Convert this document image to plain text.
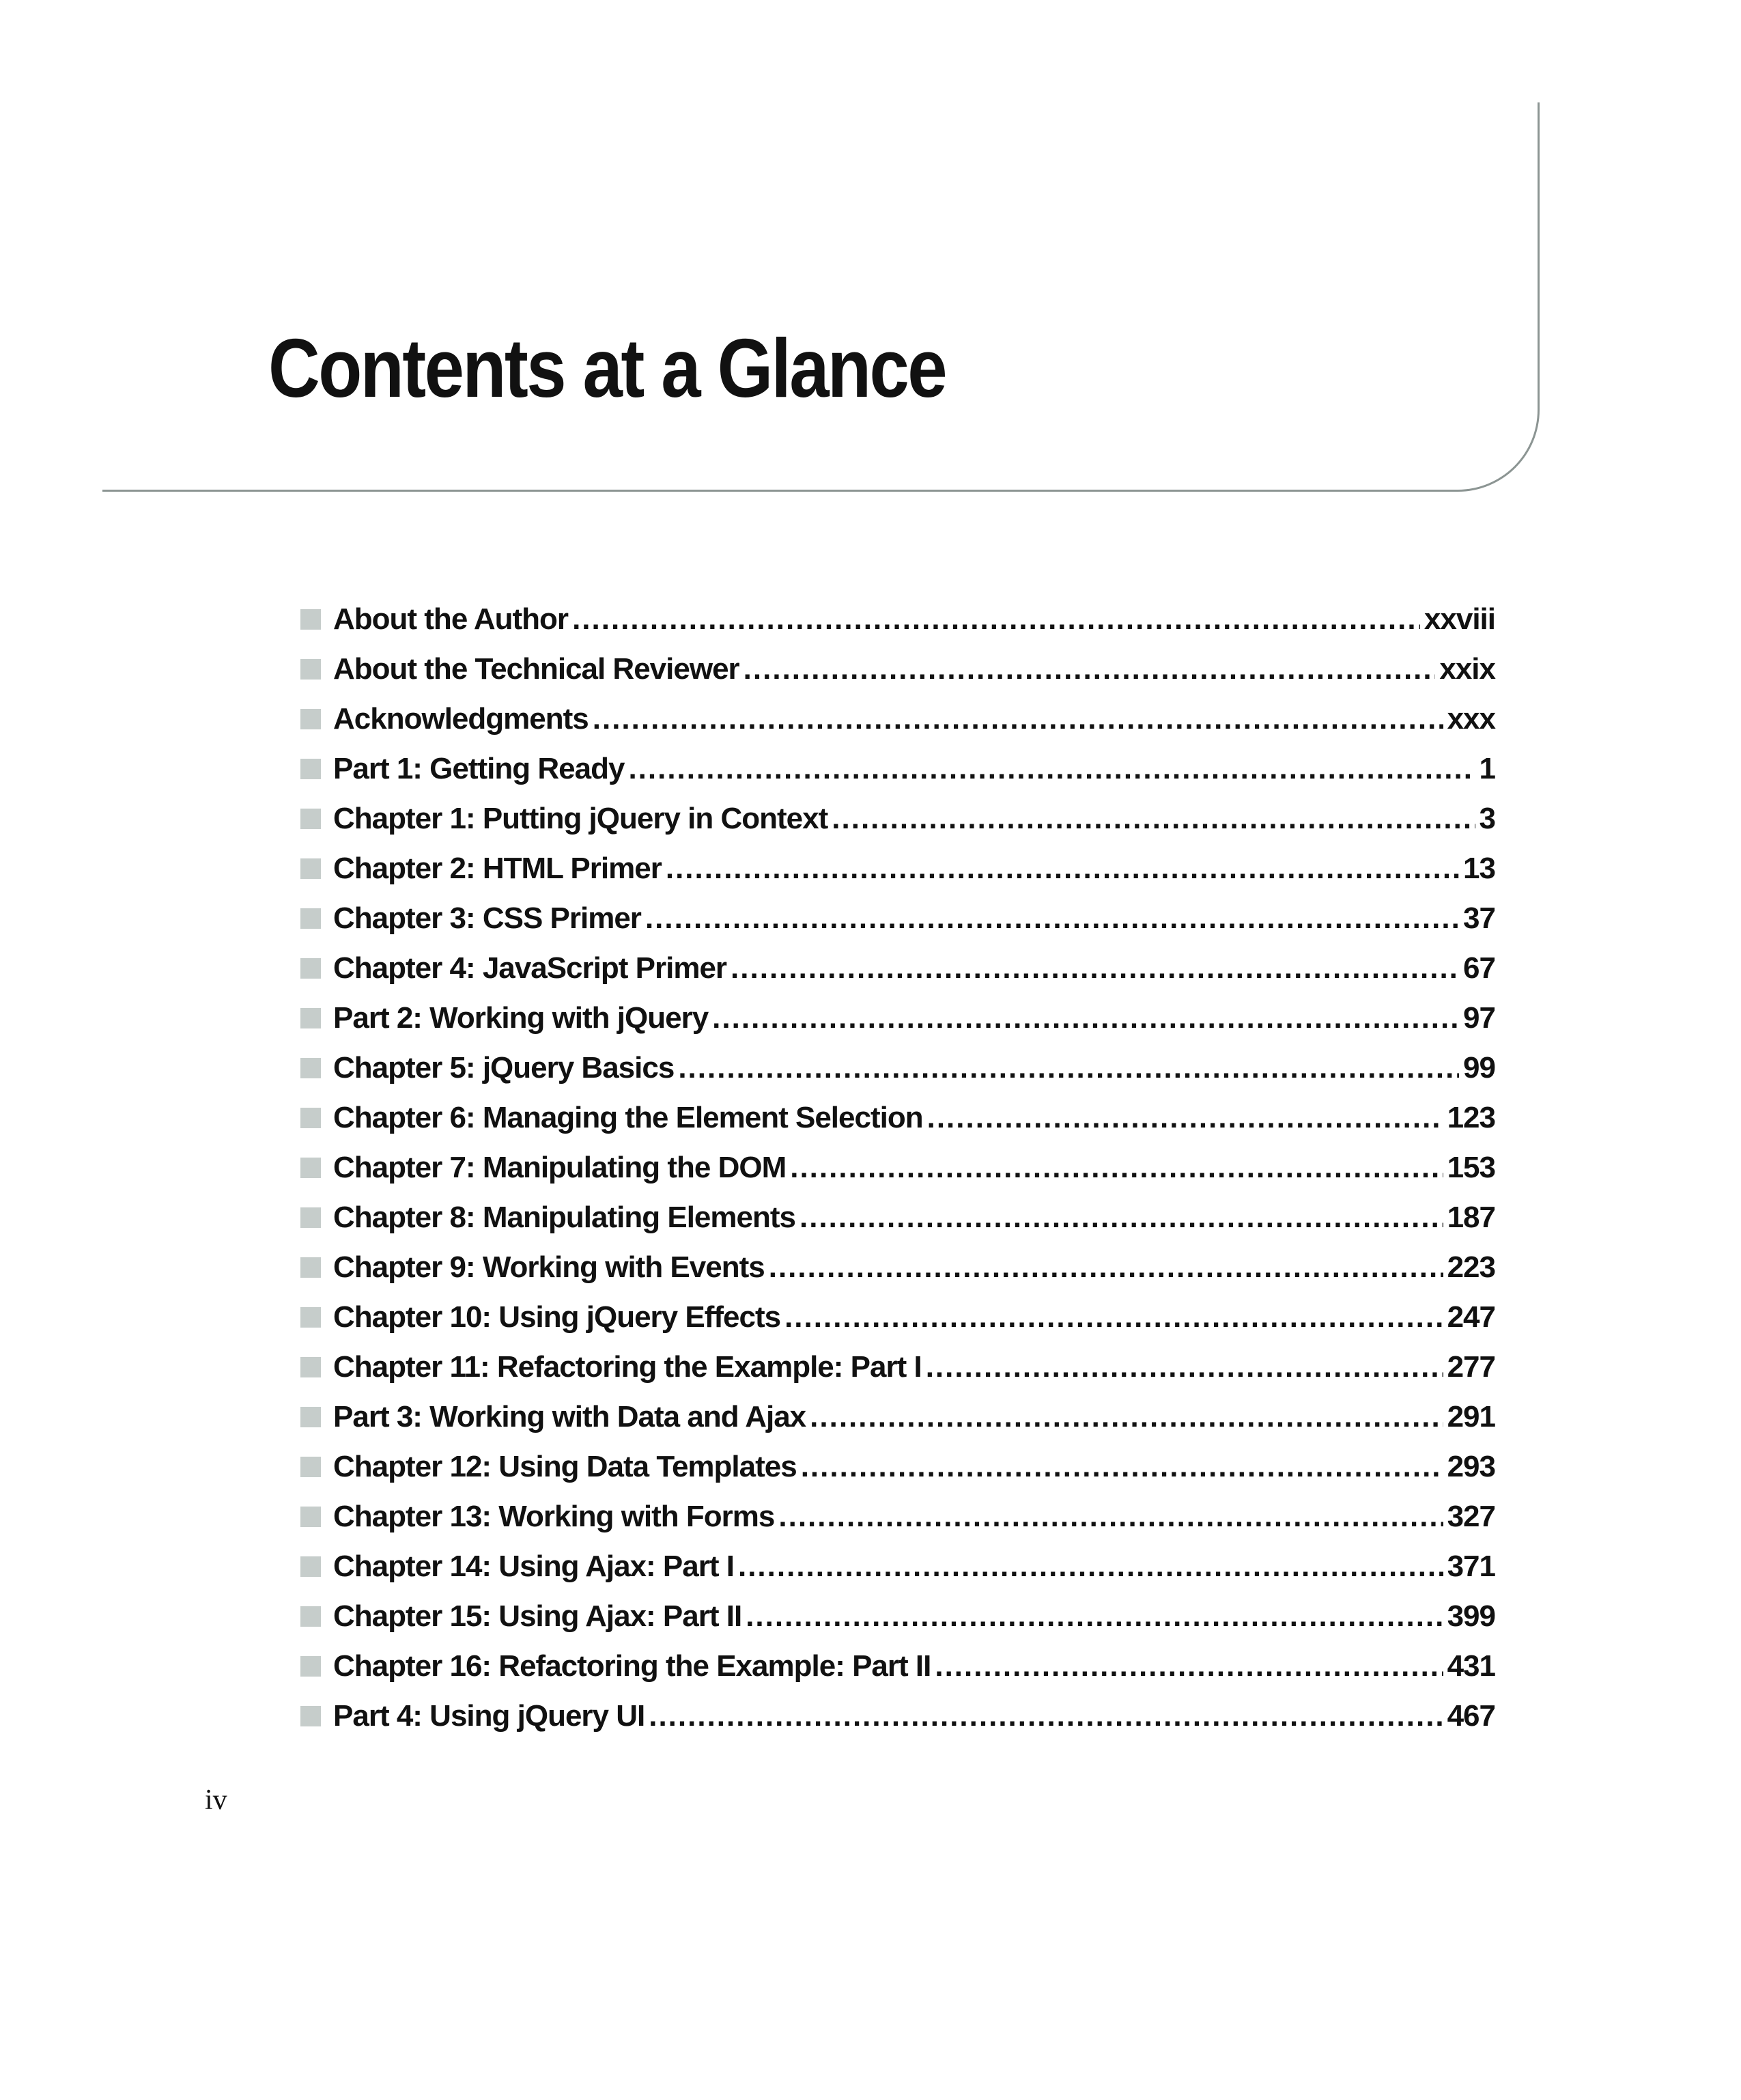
Contents at a Glance
About the Author .....	xxviii
About the Technical Reviewer .....	xxix
Acknowledgments .....	xxx
Part 1: Getting Ready .....	1
Chapter 1: Putting jQuery in Context .....	3
Chapter 2: HTML Primer .....	13
Chapter 3: CSS Primer .....	37
Chapter 4: JavaScript Primer .....	67
Part 2: Working with jQuery .....	97
Chapter 5: jQuery Basics .....	99
Chapter 6: Managing the Element Selection .....	123
Chapter 7: Manipulating the DOM .....	153
Chapter 8: Manipulating Elements .....	187
Chapter 9: Working with Events .....	223
Chapter 10: Using jQuery Effects .....	247
Chapter 11: Refactoring the Example: Part I .....	277
Part 3: Working with Data and Ajax .....	291
Chapter 12: Using Data Templates .....	293
Chapter 13: Working with Forms .....	327
Chapter 14: Using Ajax: Part I .....	371
Chapter 15: Using Ajax: Part II .....	399
Chapter 16: Refactoring the Example: Part II .....	431
Part 4: Using jQuery UI .....	467
iv
